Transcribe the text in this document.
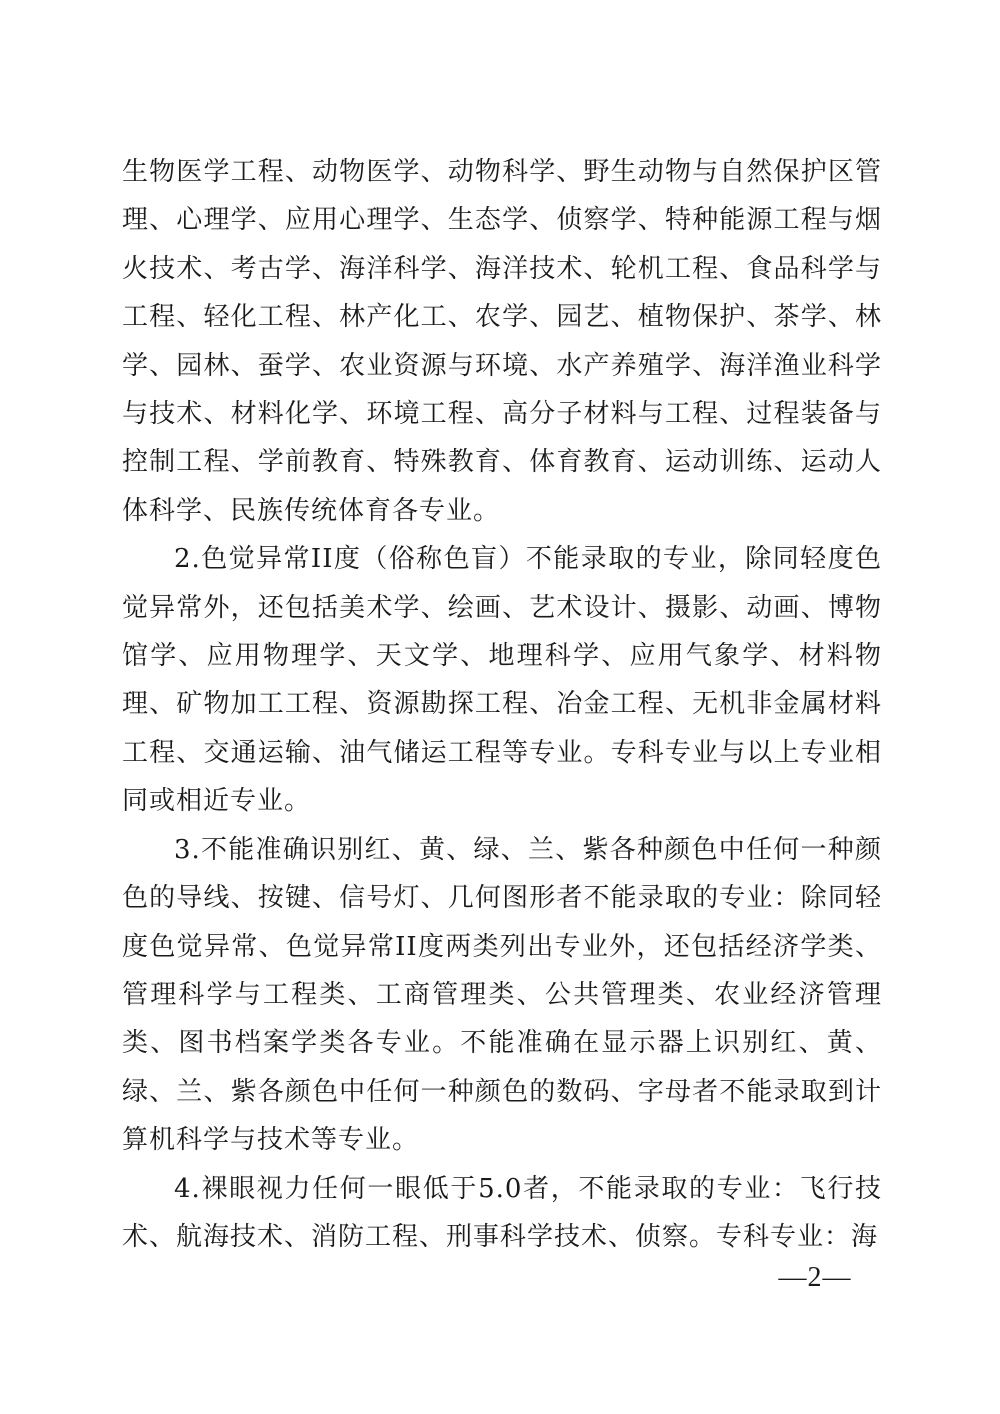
生物医学工程、动物医学、动物科学、野生动物与自然保护区管理、心理学、应用心理学、生态学、侦察学、特种能源工程与烟火技术、考古学、海洋科学、海洋技术、轮机工程、食品科学与工程、轻化工程、林产化工、农学、园艺、植物保护、茶学、林学、园林、蚕学、农业资源与环境、水产养殖学、海洋渔业科学与技术、材料化学、环境工程、高分子材料与工程、过程装备与控制工程、学前教育、特殊教育、体育教育、运动训练、运动人体科学、民族传统体育各专业。

2.色觉异常II度（俗称色盲）不能录取的专业，除同轻度色觉异常外，还包括美术学、绘画、艺术设计、摄影、动画、博物馆学、应用物理学、天文学、地理科学、应用气象学、材料物理、矿物加工工程、资源勘探工程、冶金工程、无机非金属材料工程、交通运输、油气储运工程等专业。专科专业与以上专业相同或相近专业。

3.不能准确识别红、黄、绿、兰、紫各种颜色中任何一种颜色的导线、按键、信号灯、几何图形者不能录取的专业：除同轻度色觉异常、色觉异常II度两类列出专业外，还包括经济学类、管理科学与工程类、工商管理类、公共管理类、农业经济管理类、图书档案学类各专业。不能准确在显示器上识别红、黄、绿、兰、紫各颜色中任何一种颜色的数码、字母者不能录取到计算机科学与技术等专业。

4.裸眼视力任何一眼低于5.0者，不能录取的专业：飞行技术、航海技术、消防工程、刑事科学技术、侦察。专科专业：海

—2—
